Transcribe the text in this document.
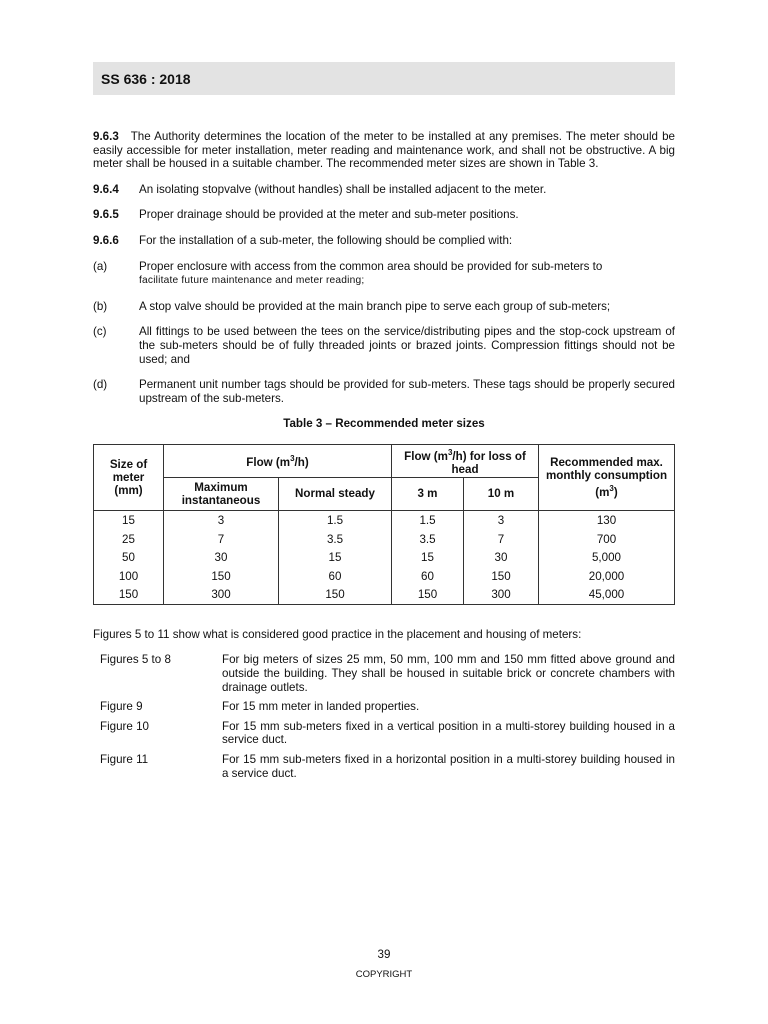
SS 636 : 2018

9.6.3 The Authority determines the location of the meter to be installed at any premises. The meter should be easily accessible for meter installation, meter reading and maintenance work, and shall not be obstructive. A big meter shall be housed in a suitable chamber. The recommended meter sizes are shown in Table 3.

9.6.4	An isolating stopvalve (without handles) shall be installed adjacent to the meter.
9.6.5	Proper drainage should be provided at the meter and sub-meter positions.
9.6.6	For the installation of a sub-meter, the following should be complied with:
(a)	Proper enclosure with access from the common area should be provided for sub-meters to
facilitate future maintenance and meter reading;
(b)	A stop valve should be provided at the main branch pipe to serve each group of sub-meters;
(c)	All fittings to be used between the tees on the service/distributing pipes and the stop-cock upstream of the sub-meters should be of fully threaded joints or brazed joints. Compression fittings should not be used; and
(d)	Permanent unit number tags should be provided for sub-meters. These tags should be properly secured upstream of the sub-meters.
Table 3 – Recommended meter sizes
Size of meter (mm)	Flow $(m^3/h)$		Flow $(m^3/h)$ for loss of head		Recommended max. monthly consumption
$(m^3)$
	Maximum instantaneous	Normal steady	3 m	10 m	
15	3	1.5	1.5	3	130
25	7	3.5	3.5	7	700
50	30	15	15	30	5,000
100	150	60	60	150	20,000
150	300	150	150	300	45,000

Figures 5 to 11 show what is considered good practice in the placement and housing of meters:

Figures 5 to 8	For big meters of sizes 25 mm, 50 mm, 100 mm and 150 mm fitted above ground and outside the building. They shall be housed in suitable brick or concrete chambers with drainage outlets.
Figure 9	For 15 mm meter in landed properties.
Figure 10	For 15 mm sub-meters fixed in a vertical position in a multi-storey building housed in a service duct.
Figure 11	For 15 mm sub-meters fixed in a horizontal position in a multi-storey building housed in a service duct.
39
COPYRIGHT
